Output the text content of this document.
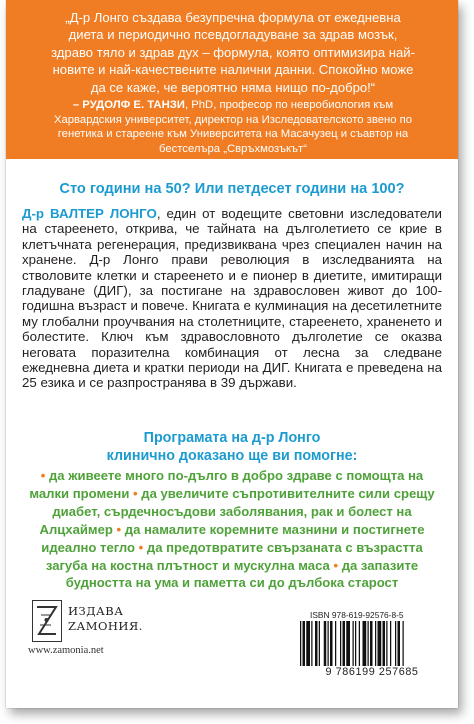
„Д-р Лонго създава безупречна формула от ежедневна
диета и периодично псевдогладуване за здрав мозък,
здраво тяло и здрав дух – формула, която оптимизира най-
новите и най-качествените налични данни. Спокойно може
да се каже, че вероятно няма нищо по-добро!“
– РУДОЛФ Е. ТАНЗИ, PhD, професор по невробиология към
Харвардския университет, директор на Изследователското звено по
генетика и стареене към Университета на Масачузец и съавтор на
бестселъра „Свръхмозъкът“
Сто години на 50? Или петдесет години на 100?
Д-р ВАЛТЕР ЛОНГО, един от водещите световни изследователи на стареенето, открива, че тайната на дълголетието се крие в клетъчната регенерация, предизвиквана чрез специален начин на хранене. Д-р Лонго прави революция в изследванията на стволовите клетки и стареенето и е пионер в диетите, имитиращи гладуване (ДИГ), за постигане на здравословен живот до 100-годишна възраст и повече. Книгата е кулминация на десетилетните му глобални проучвания на столетниците, стареенето, храненето и болестите. Ключ към здравословното дълголетие се оказва неговата поразителна комбинация от лесна за следване ежедневна диета и кратки периоди на ДИГ. Книгата е преведена на 25 езика и се разпространява в 39 държави.
Програмата на д-р Лонго
клинично доказано ще ви помогне:
• да живеете много по-дълго в добро здраве с помощта на малки промени • да увеличите съпротивителните сили срещу диабет, сърдечносъдови заболявания, рак и болест на Алцхаймер • да намалите коремните мазнини и постигнете идеално тегло • да предотвратите свързаната с възрастта загуба на костна плътност и мускулна маса • да запазите будността на ума и паметта си до дълбока старост
ИЗДАВА
ZАМОНИЯ.
www.zamonia.net
ISBN 978-619-92576-8-5
9 786199 257685
